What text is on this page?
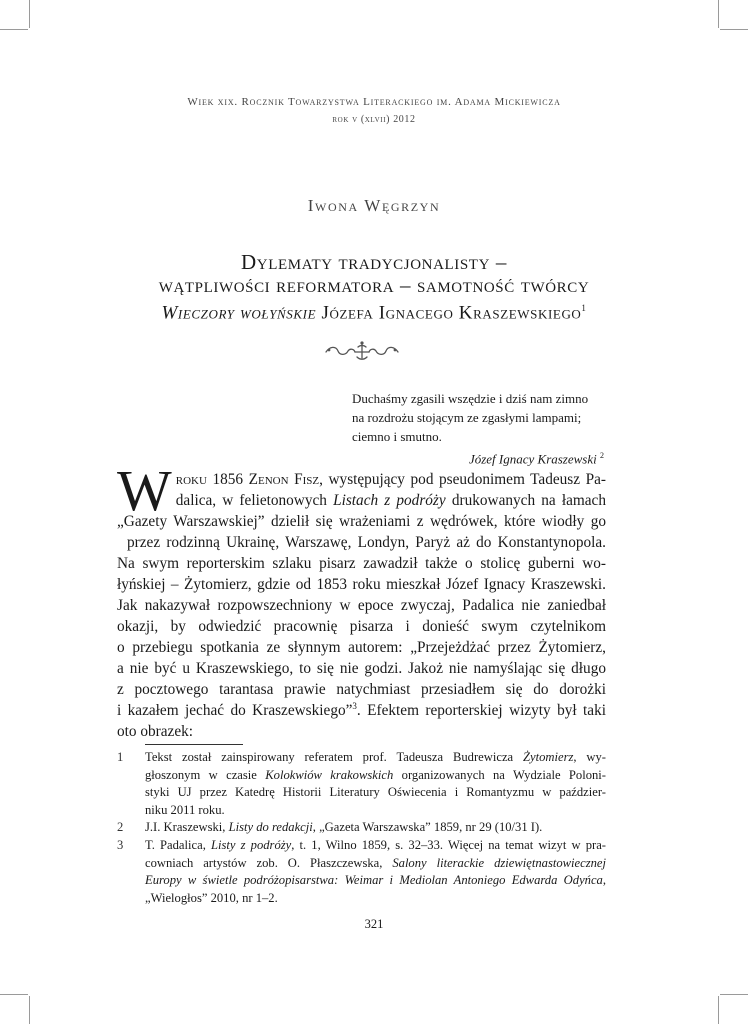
Wiek xix. Rocznik Towarzystwa Literackiego im. Adama Mickiewicza
rok v (xlvii) 2012
Iwona Węgrzyn
Dylematy tradycjonalisty –
wątpliwości reformatora – samotność twórcy
Wieczory wołyńskie Józefa Ignacego Kraszewskiego$^1$
Duchaśmy zgasili wszędzie i dziś nam zimno
na rozdrożu stojącym ze zgasłymi lampami;
ciemno i smutno.
Józef Ignacy Kraszewski $^2$
W roku 1856 Zenon Fisz, występujący pod pseudonimem Tadeusz Pa-
dalica, w felietonowych Listach z podróży drukowanych na łamach
„Gazety Warszawskiej” dzielił się wrażeniami z wędrówek, które wiodły go
przez rodzinną Ukrainę, Warszawę, Londyn, Paryż aż do Konstantynopola.
Na swym reporterskim szlaku pisarz zawadził także o stolicę guberni wo-
łyńskiej – Żytomierz, gdzie od 1853 roku mieszkał Józef Ignacy Kraszewski.
Jak nakazywał rozpowszechniony w epoce zwyczaj, Padalica nie zaniedbał
okazji, by odwiedzić pracownię pisarza i donieść swym czytelnikom
o przebiegu spotkania ze słynnym autorem: „Przejeżdżać przez Żytomierz,
a nie być u Kraszewskiego, to się nie godzi. Jakoż nie namyślając się długo
z pocztowego tarantasa prawie natychmiast przesiadłem się do dorożki
i kazałem jechać do Kraszewskiego”$^3$. Efektem reporterskiej wizyty był taki
oto obrazek:
1 Tekst został zainspirowany referatem prof. Tadeusza Budrewicza Żytomierz, wy-
głoszonym w czasie Kolokwiów krakowskich organizowanych na Wydziale Poloni-
styki UJ przez Katedrę Historii Literatury Oświecenia i Romantyzmu w paździer-
niku 2011 roku.
2 J.I. Kraszewski, Listy do redakcji, „Gazeta Warszawska” 1859, nr 29 (10/31 I).
3 T. Padalica, Listy z podróży, t. 1, Wilno 1859, s. 32–33. Więcej na temat wizyt w pra-
cowniach artystów zob. O. Płaszczewska, Salony literackie dziewiętnastowiecznej
Europy w świetle podróżopisarstwa: Weimar i Mediolan Antoniego Edwarda Odyńca,
„Wielogłos” 2010, nr 1–2.
321
